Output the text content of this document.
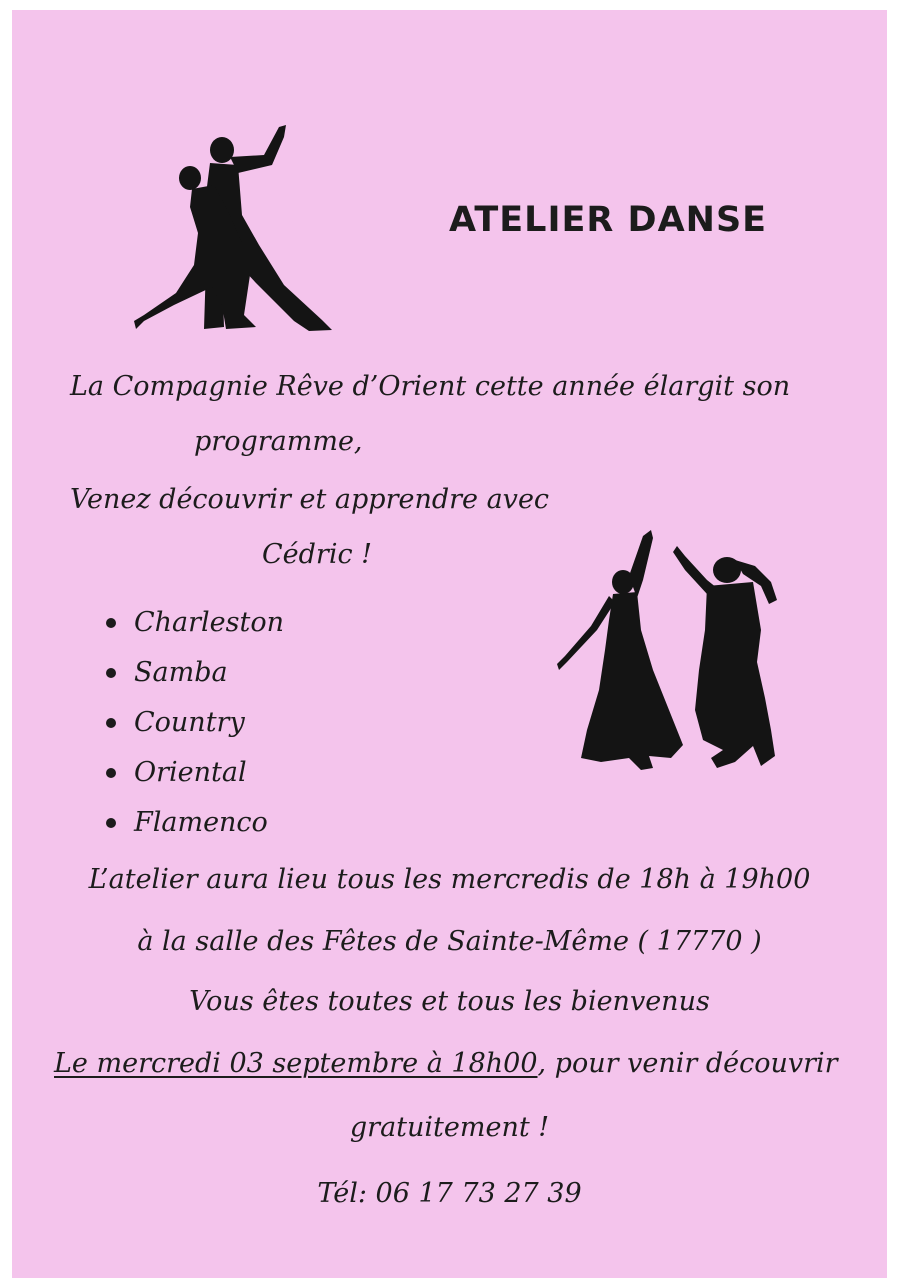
ATELIER DANSE

La Compagnie Rêve d’Orient cette année élargit son

programme,

Venez découvrir et apprendre avec

Cédric !

Charleston
Samba
Country
Oriental
Flamenco

L’atelier aura lieu tous les mercredis de 18h à 19h00

à la salle des Fêtes de Sainte-Même ( 17770 )

Vous êtes toutes et tous les bienvenus

Le mercredi 03 septembre à 18h00, pour venir découvrir

gratuitement !

Tél: 06 17 73 27 39
